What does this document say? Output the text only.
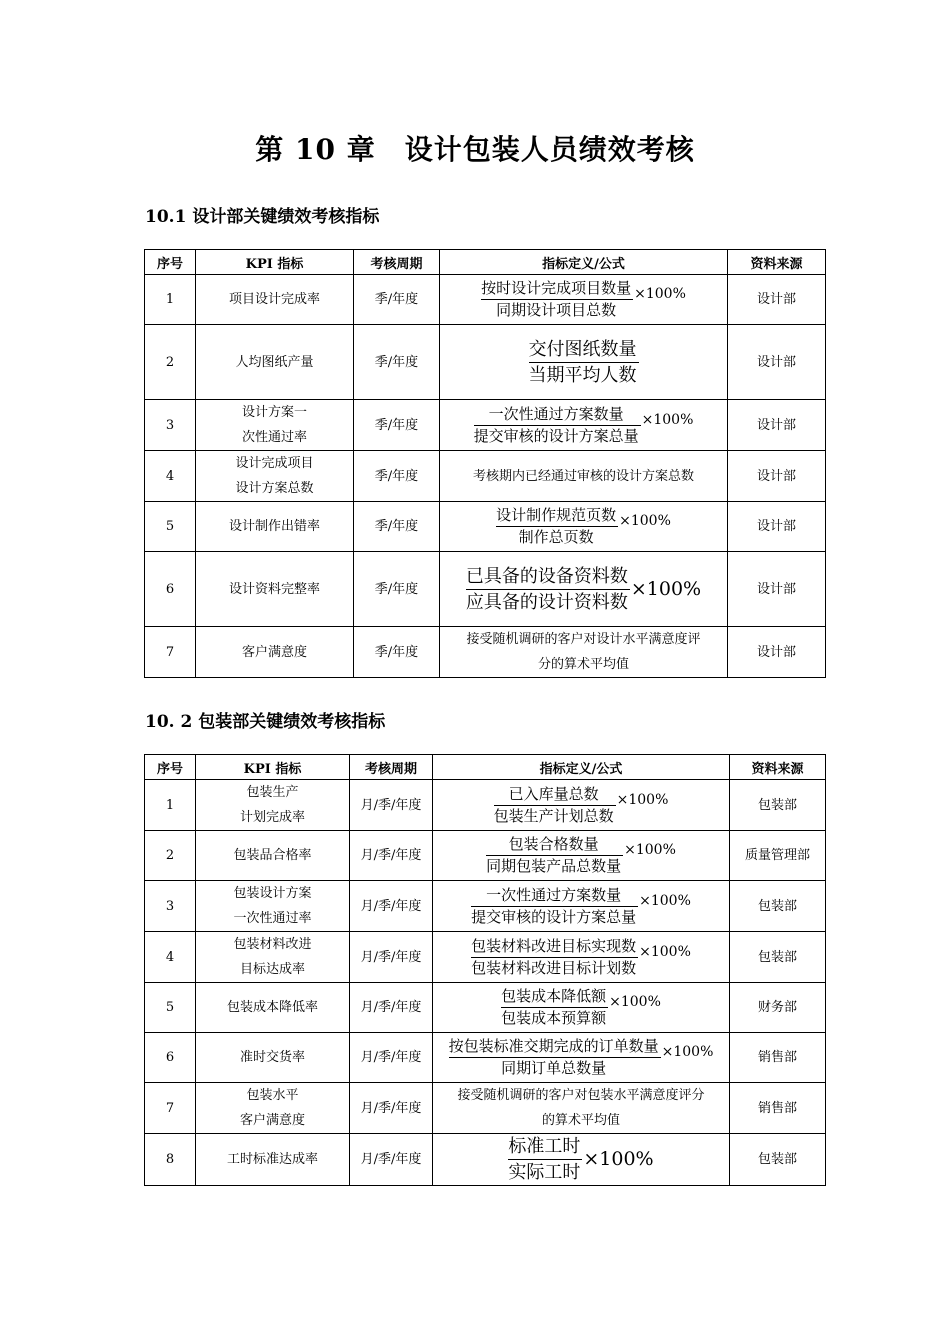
第 10 章　设计包装人员绩效考核
10.1 设计部关键绩效考核指标
序号	KPI 指标	考核周期	指标定义/公式	资料来源
1	项目设计完成率	季/年度	$\frac{\text{按时设计完成项目数量}}{\text{同期设计项目总数}} \times 100\%$	设计部
2	人均图纸产量	季/年度	$\frac{\text{交付图纸数量}}{\text{当期平均人数}}$	设计部
3	设计方案一
次性通过率	季/年度	$\frac{\text{一次性通过方案数量}}{\text{提交审核的设计方案总量}} \times 100\%$	设计部
4	设计完成项目
设计方案总数	季/年度	考核期内已经通过审核的设计方案总数	设计部
5	设计制作出错率	季/年度	$\frac{\text{设计制作规范页数}}{\text{制作总页数}} \times 100\%$	设计部
6	设计资料完整率	季/年度	$\frac{\text{已具备的设备资料数}}{\text{应具备的设计资料数}} \times 100\%$	设计部
7	客户满意度	季/年度	接受随机调研的客户对设计水平满意度评
分的算术平均值	设计部
10. 2 包装部关键绩效考核指标
序号	KPI 指标	考核周期	指标定义/公式	资料来源
1	包装生产
计划完成率	月/季/年度	$\frac{\text{已入库量总数}}{\text{包装生产计划总数}} \times 100\%$	包装部
2	包装品合格率	月/季/年度	$\frac{\text{包装合格数量}}{\text{同期包装产品总数量}} \times 100\%$	质量管理部
3	包装设计方案
一次性通过率	月/季/年度	$\frac{\text{一次性通过方案数量}}{\text{提交审核的设计方案总量}} \times 100\%$	包装部
4	包装材料改进
目标达成率	月/季/年度	$\frac{\text{包装材料改进目标实现数}}{\text{包装材料改进目标计划数}} \times 100\%$	包装部
5	包装成本降低率	月/季/年度	$\frac{\text{包装成本降低额}}{\text{包装成本预算额}} \times 100\%$	财务部
6	准时交货率	月/季/年度	$\frac{\text{按包装标准交期完成的订单数量}}{\text{同期订单总数量}} \times 100\%$	销售部
7	包装水平
客户满意度	月/季/年度	接受随机调研的客户对包装水平满意度评分
的算术平均值	销售部
8	工时标准达成率	月/季/年度	$\frac{\text{标准工时}}{\text{实际工时}} \times 100\%$	包装部
